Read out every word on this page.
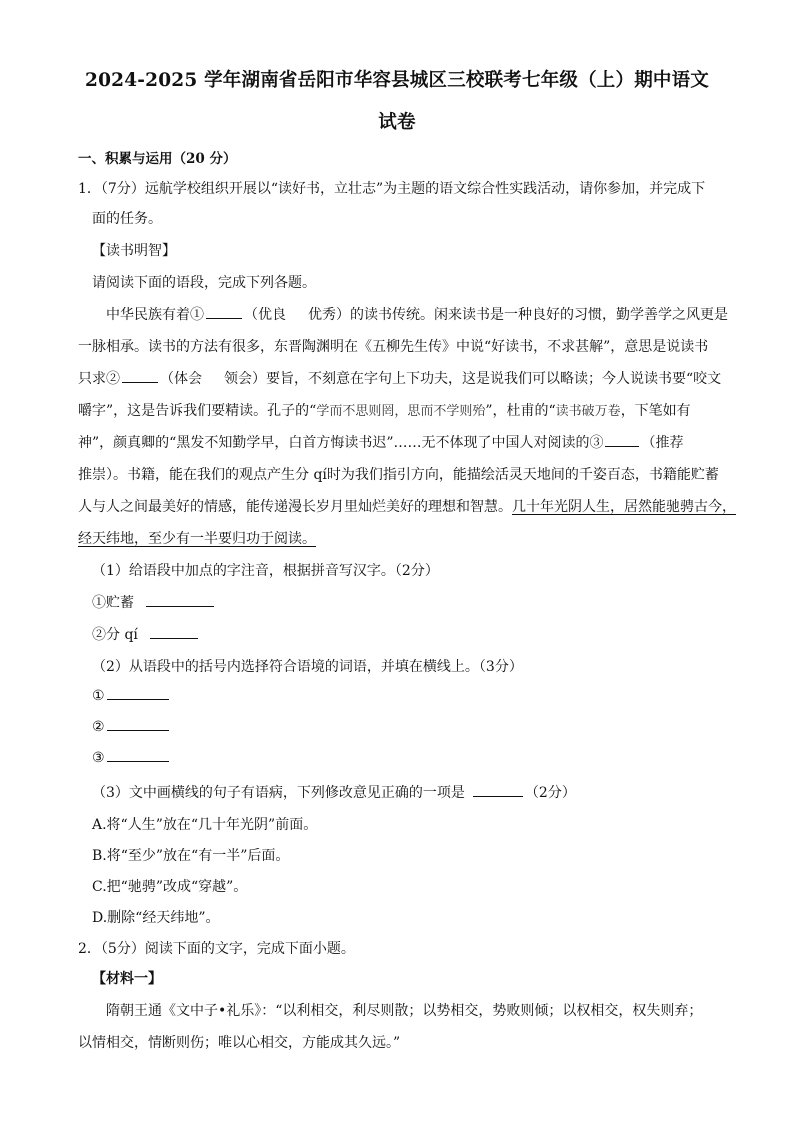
2024-2025 学年湖南省岳阳市华容县城区三校联考七年级（上）期中语文
试卷
一、积累与运用（20 分）
1．（7分）远航学校组织开展以“读好书，立壮志”为主题的语文综合性实践活动，请你参加，并完成下
面的任务。
【读书明智】
请阅读下面的语段，完成下列各题。
中华民族有着①	（优良 优秀）的读书传统。闲来读书是一种良好的习惯，勤学善学之风更是
一脉相承。读书的方法有很多，东晋陶渊明在《五柳先生传》中说“好读书，不求甚解”，意思是说读书
只求②	（体会 领会）要旨，不刻意在字句上下功夫，这是说我们可以略读；今人说读书要“咬文
嚼字”，这是告诉我们要精读。孔子的“学而不思则罔，思而不学则殆”，杜甫的“读书破万卷，下笔如有
神”，颜真卿的“黑发不知勤学早，白首方悔读书迟”……无不体现了中国人对阅读的③	（推荐
推崇）。书籍，能在我们的观点产生分 qí时为我们指引方向，能描绘活灵天地间的千姿百态，书籍能贮蓄
人与人之间最美好的情感，能传递漫长岁月里灿烂美好的理想和智慧。几十年光阴人生，居然能驰骋古今，
经天纬地，至少有一半要归功于阅读。
（1）给语段中加点的字注音，根据拼音写汉字。（2分）
①贮蓄
②分 qí
（2）从语段中的括号内选择符合语境的词语，并填在横线上。（3分）
①
②
③
（3）文中画横线的句子有语病，下列修改意见正确的一项是	（2分）
A.将“人生”放在“几十年光阴”前面。
B.将“至少”放在“有一半”后面。
C.把“驰骋”改成“穿越”。
D.删除“经天纬地”。
2．（5分）阅读下面的文字，完成下面小题。
【材料一】
隋朝王通《文中子•礼乐》：“以利相交，利尽则散；以势相交，势败则倾；以权相交，权失则弃；
以情相交，情断则伤；唯以心相交，方能成其久远。”
